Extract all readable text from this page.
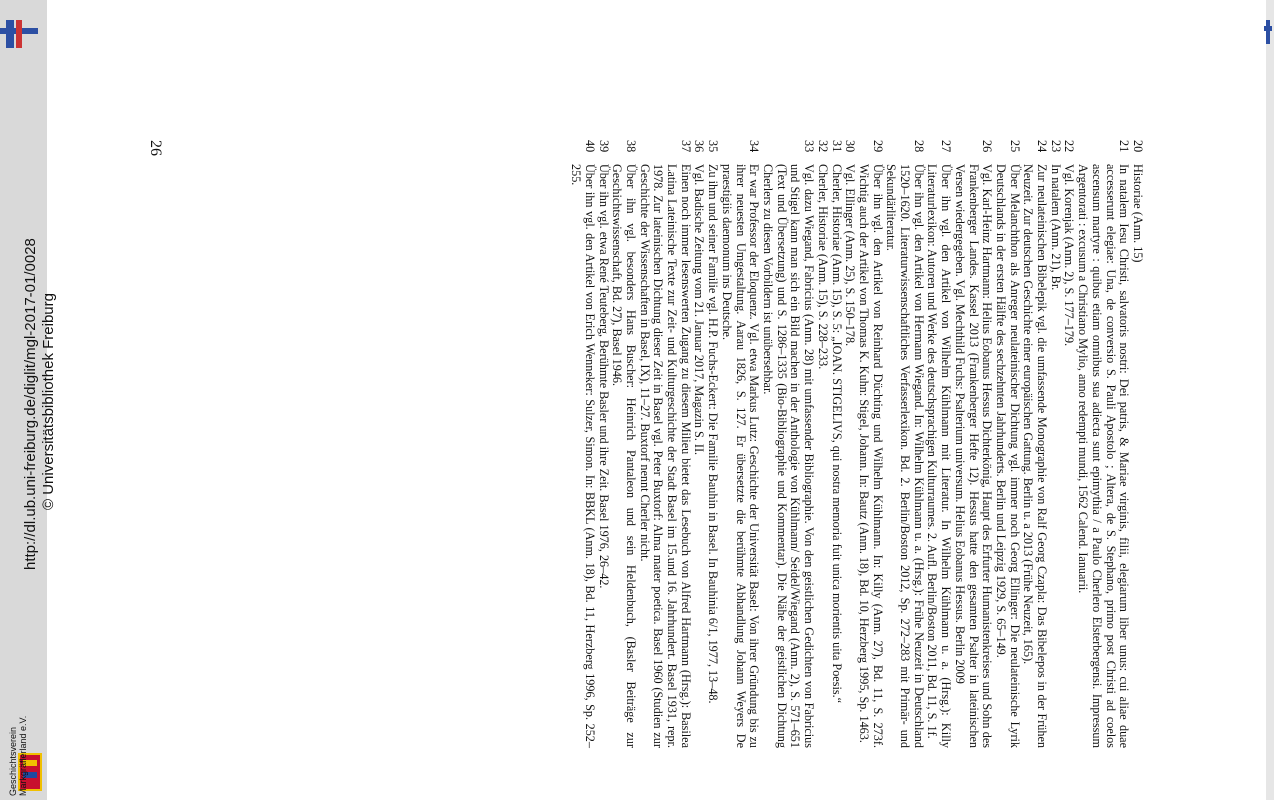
20
Historiae (Anm. 15)
21
In natalem Iesu Christi, salvatoris nostri: Dei patris, & Mariae virginis, filii, elegiarum liber unus: cui aliae duae accesserunt elegiae: Una, de conversio S. Pauli Apostolo ; Altera, de S. Stephano, primo post Christi ad coelos ascensum martyre : quibus etiam omnibus sua adiecta sunt epimythia / a Paulo Cherlero Elsterbergensi. Impressum Argentorati : excusum a Christiano Mylio, anno redempti mundi, 1562 Calend. Ianuarii.
22
Vgl. Korenjak (Anm. 2), S. 177–179.
23
In natalem (Anm. 21), Br.
24
Zur neulateinischen Bibelepik vgl. die umfassende Monographie von Ralf Georg Czapla: Das Bibelepos in der Frühen Neuzeit. Zur deutschen Geschichte einer europäischen Gattung. Berlin u. a 2013 (Frühe Neuzeit, 165).
25
Über Melanchthon als Anreger neulateinischer Dichtung vgl. immer noch Georg Ellinger: Die neulateinische Lyrik Deutschlands in der ersten Hälfte des sechzehnten Jahrhunderts. Berlin und Leipzig 1929, S. 65–149.
26
Vgl. Karl-Heinz Hartmann: Helius Eobanus Hessus Dichterkönig, Haupt des Erfurter Humanistenkreises und Sohn des Frankenberger Landes. Kassel 2013 (Frankenberger Hefte 12). Hessus hatte den gesamten Psalter in lateinischen Versen wiedergegeben. Vgl. Mechthild Fuchs: Psalterium universum. Helius Eobanus Hessus. Berlin 2009
27
Über ihn vgl. den Artikel von Wilhelm Kühlmann mit Literatur. In Wilhelm Kühlmann u. a. (Hrsg.): Killy Literaturlexikon: Autoren und Werke des deutschsprachigen Kulturraumes. 2. Aufl. Berlin/Boston 2011, Bd. 11, S. 1f.
28
Über ihn vgl. den Artikel von Hermann Wiegand. In: Wilhelm Kühlmann u. a. (Hrsg.): Frühe Neuzeit in Deutschland 1520–1620. Literaturwissenschaftliches Verfasserlexikon. Bd. 2. Berlin/Boston 2012, Sp. 272–283 mit Primär- und Sekundärliteratur.
29
Über ihn vgl. den Artikel von Reinhard Düchting und Wilhelm Kühlmann. In: Killy (Anm. 27), Bd. 11, S. 273f. Wichtig auch der Artikel von Thomas K. Kuhn: Stigel, Johann. In: Bautz (Anm. 18), Bd. 10, Herzberg 1995, Sp. 1463.
30
Vgl. Ellinger (Anm. 25), S. 150–178.
31
Cherler, Historiae (Anm. 15), S. 5: „IOAN. STIGELIVS, qui nostra memoria fuit unica morientis uita Poesis.“
32
Cherler, Historiae (Anm. 15), S. 228–233.
33
Vgl. dazu Wiegand, Fabricius (Anm. 28) mit umfassender Bibliographie. Von den geistlichen Gedichten von Fabricius und Stigel kann man sich ein Bild machen in der Anthologie von Kühlmann/ Seidel/Wiegand (Anm. 2), S. 571–651 (Text und Übersetzung) und S. 1286–1335 (Bio-Bibliographie und Kommentar). Die Nähe der geistlichen Dichtung Cherlers zu diesen Vorbildern ist unübersehbar.
34
Er war Professor der Eloquenz. Vgl. etwa Markus Lutz: Geschichte der Universität Basel: Von ihrer Gründung bis zu ihrer neuesten Umgestaltung. Aarau 1826, S. 127. Er übersetzte die berühmte Abhandlung Johann Weyers De praestigiis daemonum ins Deutsche.
35
Zu ihm und seiner Familie vgl. H.P. Fuchs-Eckert: Die Familie Bauhin in Basel. In Bauhinia 6/1, 1977, 13–48.
36
Vgl. Badische Zeitung vom 21. Januar 2017, Magazin S. II.
37
Einen noch immer lesenswerten Zugang zu diesem Milieu bietet das Lesebuch von Alfred Hartmann (Hrsg.): Basilea Latina Lateinische Texte zur Zeit- und Kulturgeschichte der Stadt Basel im 15.und 16. Jahrhundert. Basel 1931, repr. 1978. Zur lateinischen Dichtung dieser Zeit in Basel vgl. Peter Buxtorf: Alma mater poetica. Basel 1960 (Studien zur Geschichte der Wissenschaften in Basel, IX), 11–27. Buxtorf nennt Cherler nicht.
38
Über ihn vgl. besonders Hans Buscher: Heinrich Pantaleon und sein Heldenbuch, (Basler Beiträge zur Geschichtswissenschaft, Bd. 27), Basel 1946.
39
Über ihn vgl. etwa René Teuteberg, Berühmte Basler und ihre Zeit. Basel 1976, 26–42.
40
Über ihn vgl. den Artikel von Erich Wenneker: Sulzer, Simon. In: BBKL (Anm. 18), Bd. 11, Herzberg 1996, Sp. 252–255.
26
http://dl.ub.uni-freiburg.de/diglit/mgl-2017-01/0028 © Universitätsbibliothek Freiburg
Geschichtsverein Markgräflerland e.V.
